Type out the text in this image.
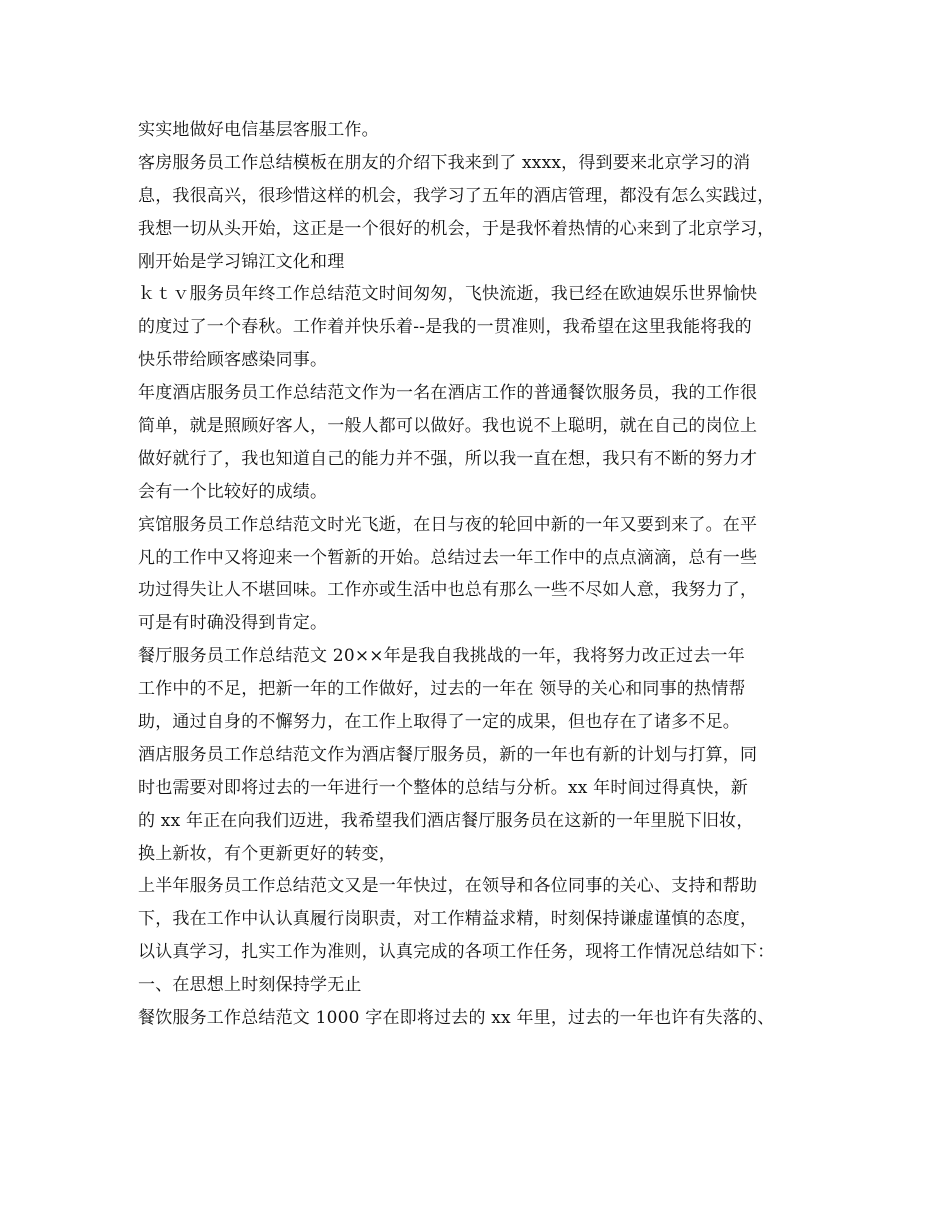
实实地做好电信基层客服工作。
客房服务员工作总结模板在朋友的介绍下我来到了 xxxx，得到要来北京学习的消
息，我很高兴，很珍惜这样的机会，我学习了五年的酒店管理，都没有怎么实践过，
我想一切从头开始，这正是一个很好的机会，于是我怀着热情的心来到了北京学习，
刚开始是学习锦江文化和理
ｋｔｖ服务员年终工作总结范文时间匆匆，飞快流逝，我已经在欧迪娱乐世界愉快
的度过了一个春秋。工作着并快乐着--是我的一贯准则，我希望在这里我能将我的
快乐带给顾客感染同事。
年度酒店服务员工作总结范文作为一名在酒店工作的普通餐饮服务员，我的工作很
简单，就是照顾好客人，一般人都可以做好。我也说不上聪明，就在自己的岗位上
做好就行了，我也知道自己的能力并不强，所以我一直在想，我只有不断的努力才
会有一个比较好的成绩。
宾馆服务员工作总结范文时光飞逝，在日与夜的轮回中新的一年又要到来了。在平
凡的工作中又将迎来一个暂新的开始。总结过去一年工作中的点点滴滴，总有一些
功过得失让人不堪回味。工作亦或生活中也总有那么一些不尽如人意，我努力了，
可是有时确没得到肯定。
餐厅服务员工作总结范文 20××年是我自我挑战的一年，我将努力改正过去一年
工作中的不足，把新一年的工作做好，过去的一年在 领导的关心和同事的热情帮
助，通过自身的不懈努力，在工作上取得了一定的成果，但也存在了诸多不足。
酒店服务员工作总结范文作为酒店餐厅服务员，新的一年也有新的计划与打算，同
时也需要对即将过去的一年进行一个整体的总结与分析。xx 年时间过得真快，新
的 xx 年正在向我们迈进，我希望我们酒店餐厅服务员在这新的一年里脱下旧妆，
换上新妆，有个更新更好的转变，
上半年服务员工作总结范文又是一年快过，在领导和各位同事的关心、支持和帮助
下，我在工作中认认真履行岗职责，对工作精益求精，时刻保持谦虚谨慎的态度，
以认真学习，扎实工作为准则，认真完成的各项工作任务，现将工作情况总结如下：
一、在思想上时刻保持学无止
餐饮服务工作总结范文 1000 字在即将过去的 xx 年里，过去的一年也许有失落的、
